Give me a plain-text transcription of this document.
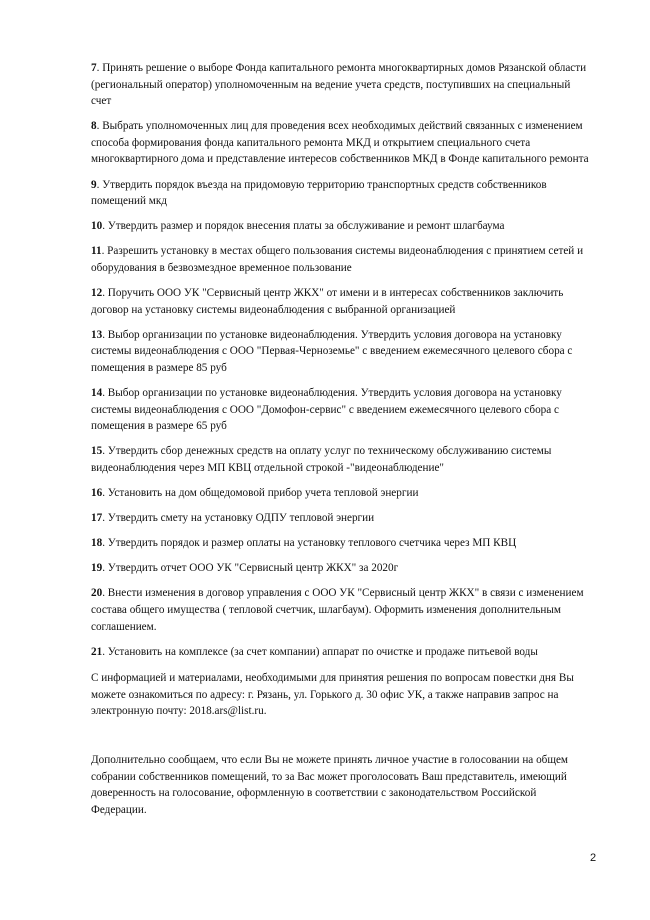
7. Принять решение о выборе Фонда капитального ремонта многоквартирных домов Рязанской области (региональный оператор) уполномоченным на ведение учета средств, поступивших на специальный счет

8. Выбрать уполномоченных лиц для проведения всех необходимых действий связанных с изменением способа формирования фонда капитального ремонта МКД и открытием специального счета многоквартирного дома и представление интересов собственников МКД в Фонде капитального ремонта

9. Утвердить порядок въезда на придомовую территорию транспортных средств собственников помещений мкд

10. Утвердить размер и порядок внесения платы за обслуживание и ремонт шлагбаума

11. Разрешить установку в местах общего пользования системы видеонаблюдения с принятием сетей и оборудования в безвозмездное временное пользование

12. Поручить ООО УК "Сервисный центр ЖКХ" от имени и в интересах собственников заключить договор на установку системы видеонаблюдения с выбранной организацией

13. Выбор организации по установке видеонаблюдения. Утвердить условия договора на установку системы видеонаблюдения с ООО "Первая-Черноземье" с введением ежемесячного целевого сбора с помещения в размере 85 руб

14. Выбор организации по установке видеонаблюдения. Утвердить условия договора на установку системы видеонаблюдения с ООО "Домофон-сервис" с введением ежемесячного целевого сбора с помещения в размере 65 руб

15. Утвердить сбор денежных средств на оплату услуг по техническому обслуживанию системы видеонаблюдения через МП КВЦ отдельной строкой -"видеонаблюдение"

16. Установить на дом общедомовой прибор учета тепловой энергии

17. Утвердить смету на установку ОДПУ тепловой энергии

18. Утвердить порядок и размер оплаты на установку теплового счетчика через МП КВЦ

19. Утвердить отчет ООО УК "Сервисный центр ЖКХ" за 2020г

20. Внести изменения в договор управления с ООО УК "Сервисный центр ЖКХ" в связи с изменением состава общего имущества ( тепловой счетчик, шлагбаум). Оформить изменения дополнительным соглашением.

21. Установить на комплексе (за счет компании) аппарат по очистке и продаже питьевой воды

С информацией и материалами, необходимыми для принятия решения по вопросам повестки дня Вы можете ознакомиться по адресу: г. Рязань, ул. Горького д. 30 офис УК, а также направив запрос на электронную почту: 2018.ars@list.ru.

Дополнительно сообщаем, что если Вы не можете принять личное участие в голосовании на общем собрании собственников помещений, то за Вас может проголосовать Ваш представитель, имеющий доверенность на голосование, оформленную в соответствии с законодательством Российской Федерации.

2
